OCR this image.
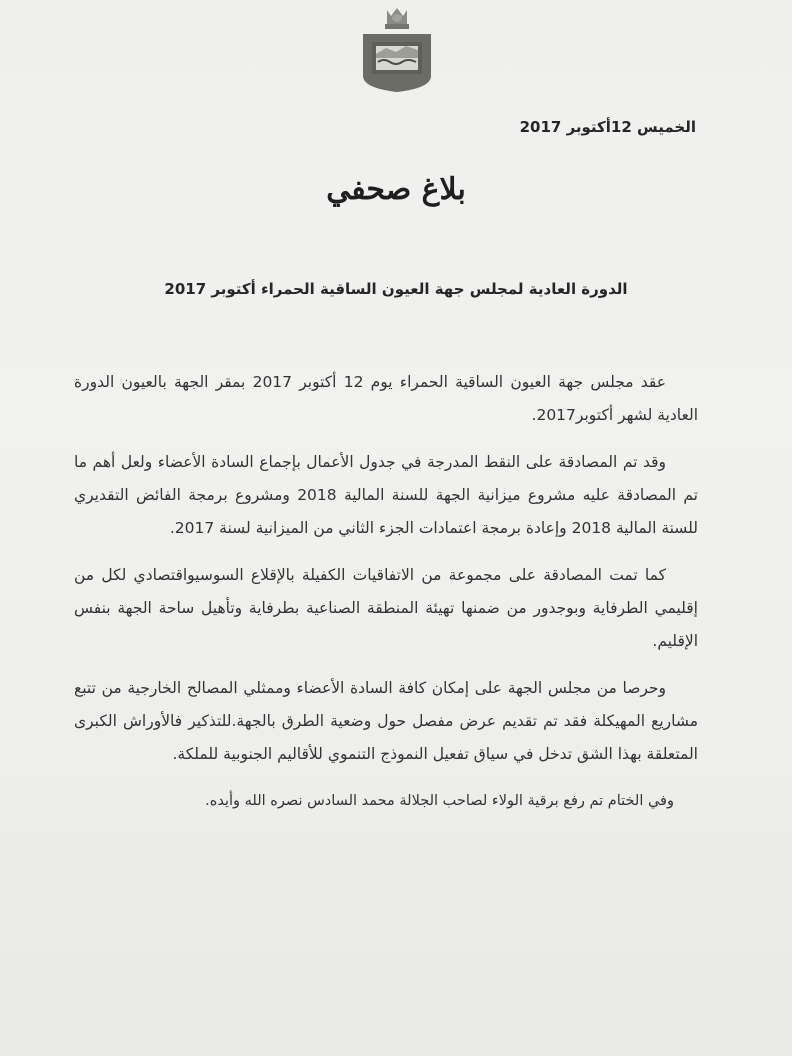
الخميس 12أكتوبر 2017
بلاغ صحفي
الدورة العادية لمجلس جهة العيون الساقية الحمراء أكتوبر 2017

عقد مجلس جهة العيون الساقية الحمراء يوم 12 أكتوبر 2017 بمقر الجهة بالعيون الدورة العادية لشهر أكتوبر2017.

وقد تم المصادقة على النقط المدرجة في جدول الأعمال بإجماع السادة الأعضاء ولعل أهم ما تم المصادقة عليه مشروع ميزانية الجهة للسنة المالية 2018 ومشروع برمجة الفائض التقديري للسنة المالية 2018 وإعادة برمجة اعتمادات الجزء الثاني من الميزانية لسنة 2017.

كما تمت المصادقة على مجموعة من الاتفاقيات الكفيلة بالإقلاع السوسيواقتصادي لكل من إقليمي الطرفاية وبوجدور من ضمنها تهيئة المنطقة الصناعية بطرفاية وتأهيل ساحة الجهة بنفس الإقليم.

وحرصا من مجلس الجهة على إمكان كافة السادة الأعضاء وممثلي المصالح الخارجية من تتبع مشاريع المهيكلة فقد تم تقديم عرض مفصل حول وضعية الطرق بالجهة.للتذكير فالأوراش الكبرى المتعلقة بهذا الشق تدخل في سياق تفعيل النموذج التنموي للأقاليم الجنوبية للملكة.

وفي الختام تم رفع برقية الولاء لصاحب الجلالة محمد السادس نصره الله وأيده.
